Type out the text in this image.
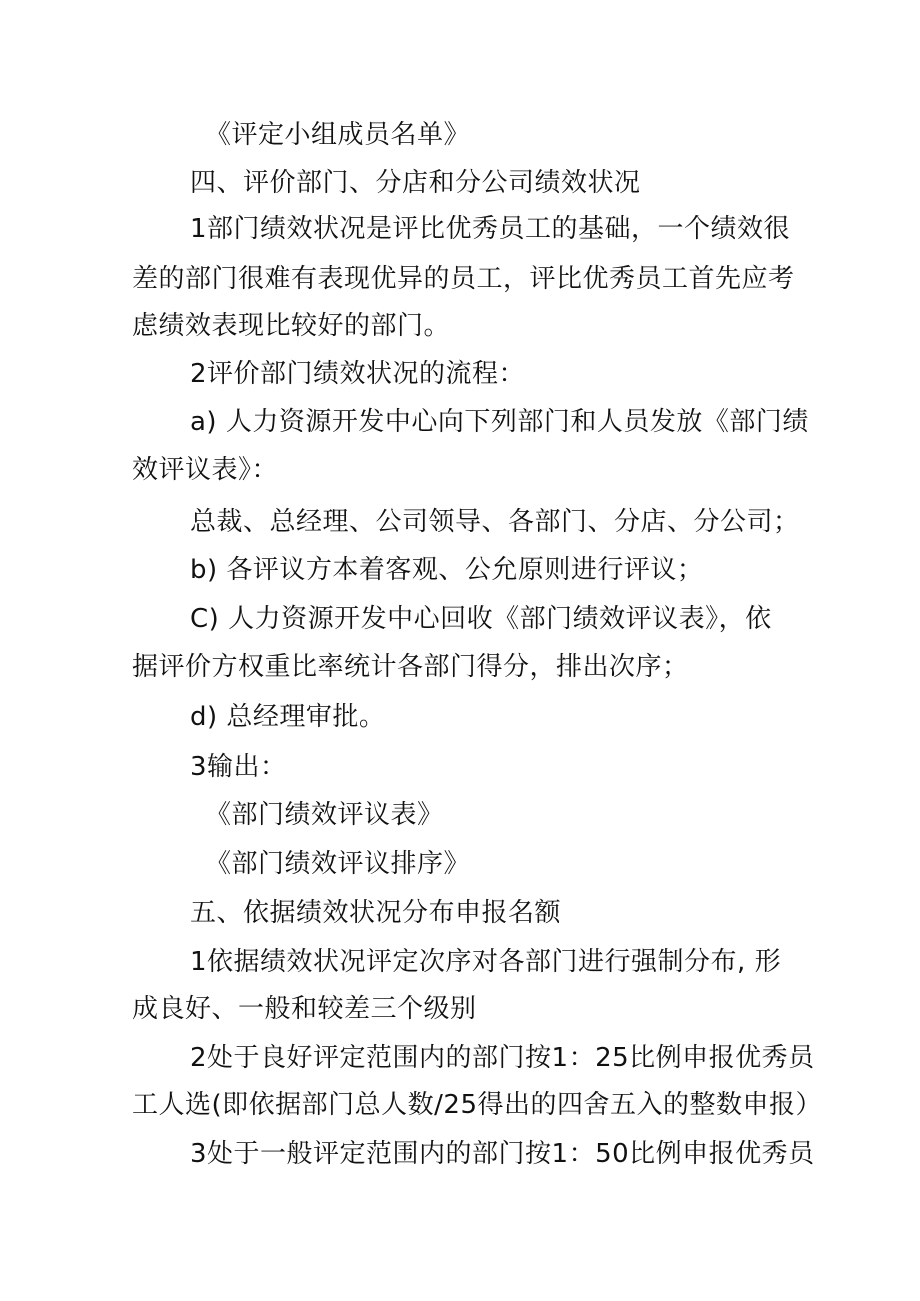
《评定小组成员名单》
四、评价部门、分店和分公司绩效状况
1部门绩效状况是评比优秀员工的基础，一个绩效很
差的部门很难有表现优异的员工，评比优秀员工首先应考
虑绩效表现比较好的部门。
2评价部门绩效状况的流程：
a) 人力资源开发中心向下列部门和人员发放《部门绩
效评议表》：
总裁、总经理、公司领导、各部门、分店、分公司；
b) 各评议方本着客观、公允原则进行评议；
C) 人力资源开发中心回收《部门绩效评议表》，依
据评价方权重比率统计各部门得分，排出次序；
d) 总经理审批。
3输出：
《部门绩效评议表》
《部门绩效评议排序》
五、依据绩效状况分布申报名额
1依据绩效状况评定次序对各部门进行强制分布, 形
成良好、一般和较差三个级别
2处于良好评定范围内的部门按1：25比例申报优秀员
工人选(即依据部门总人数/25得出的四舍五入的整数申报）
3处于一般评定范围内的部门按1：50比例申报优秀员
